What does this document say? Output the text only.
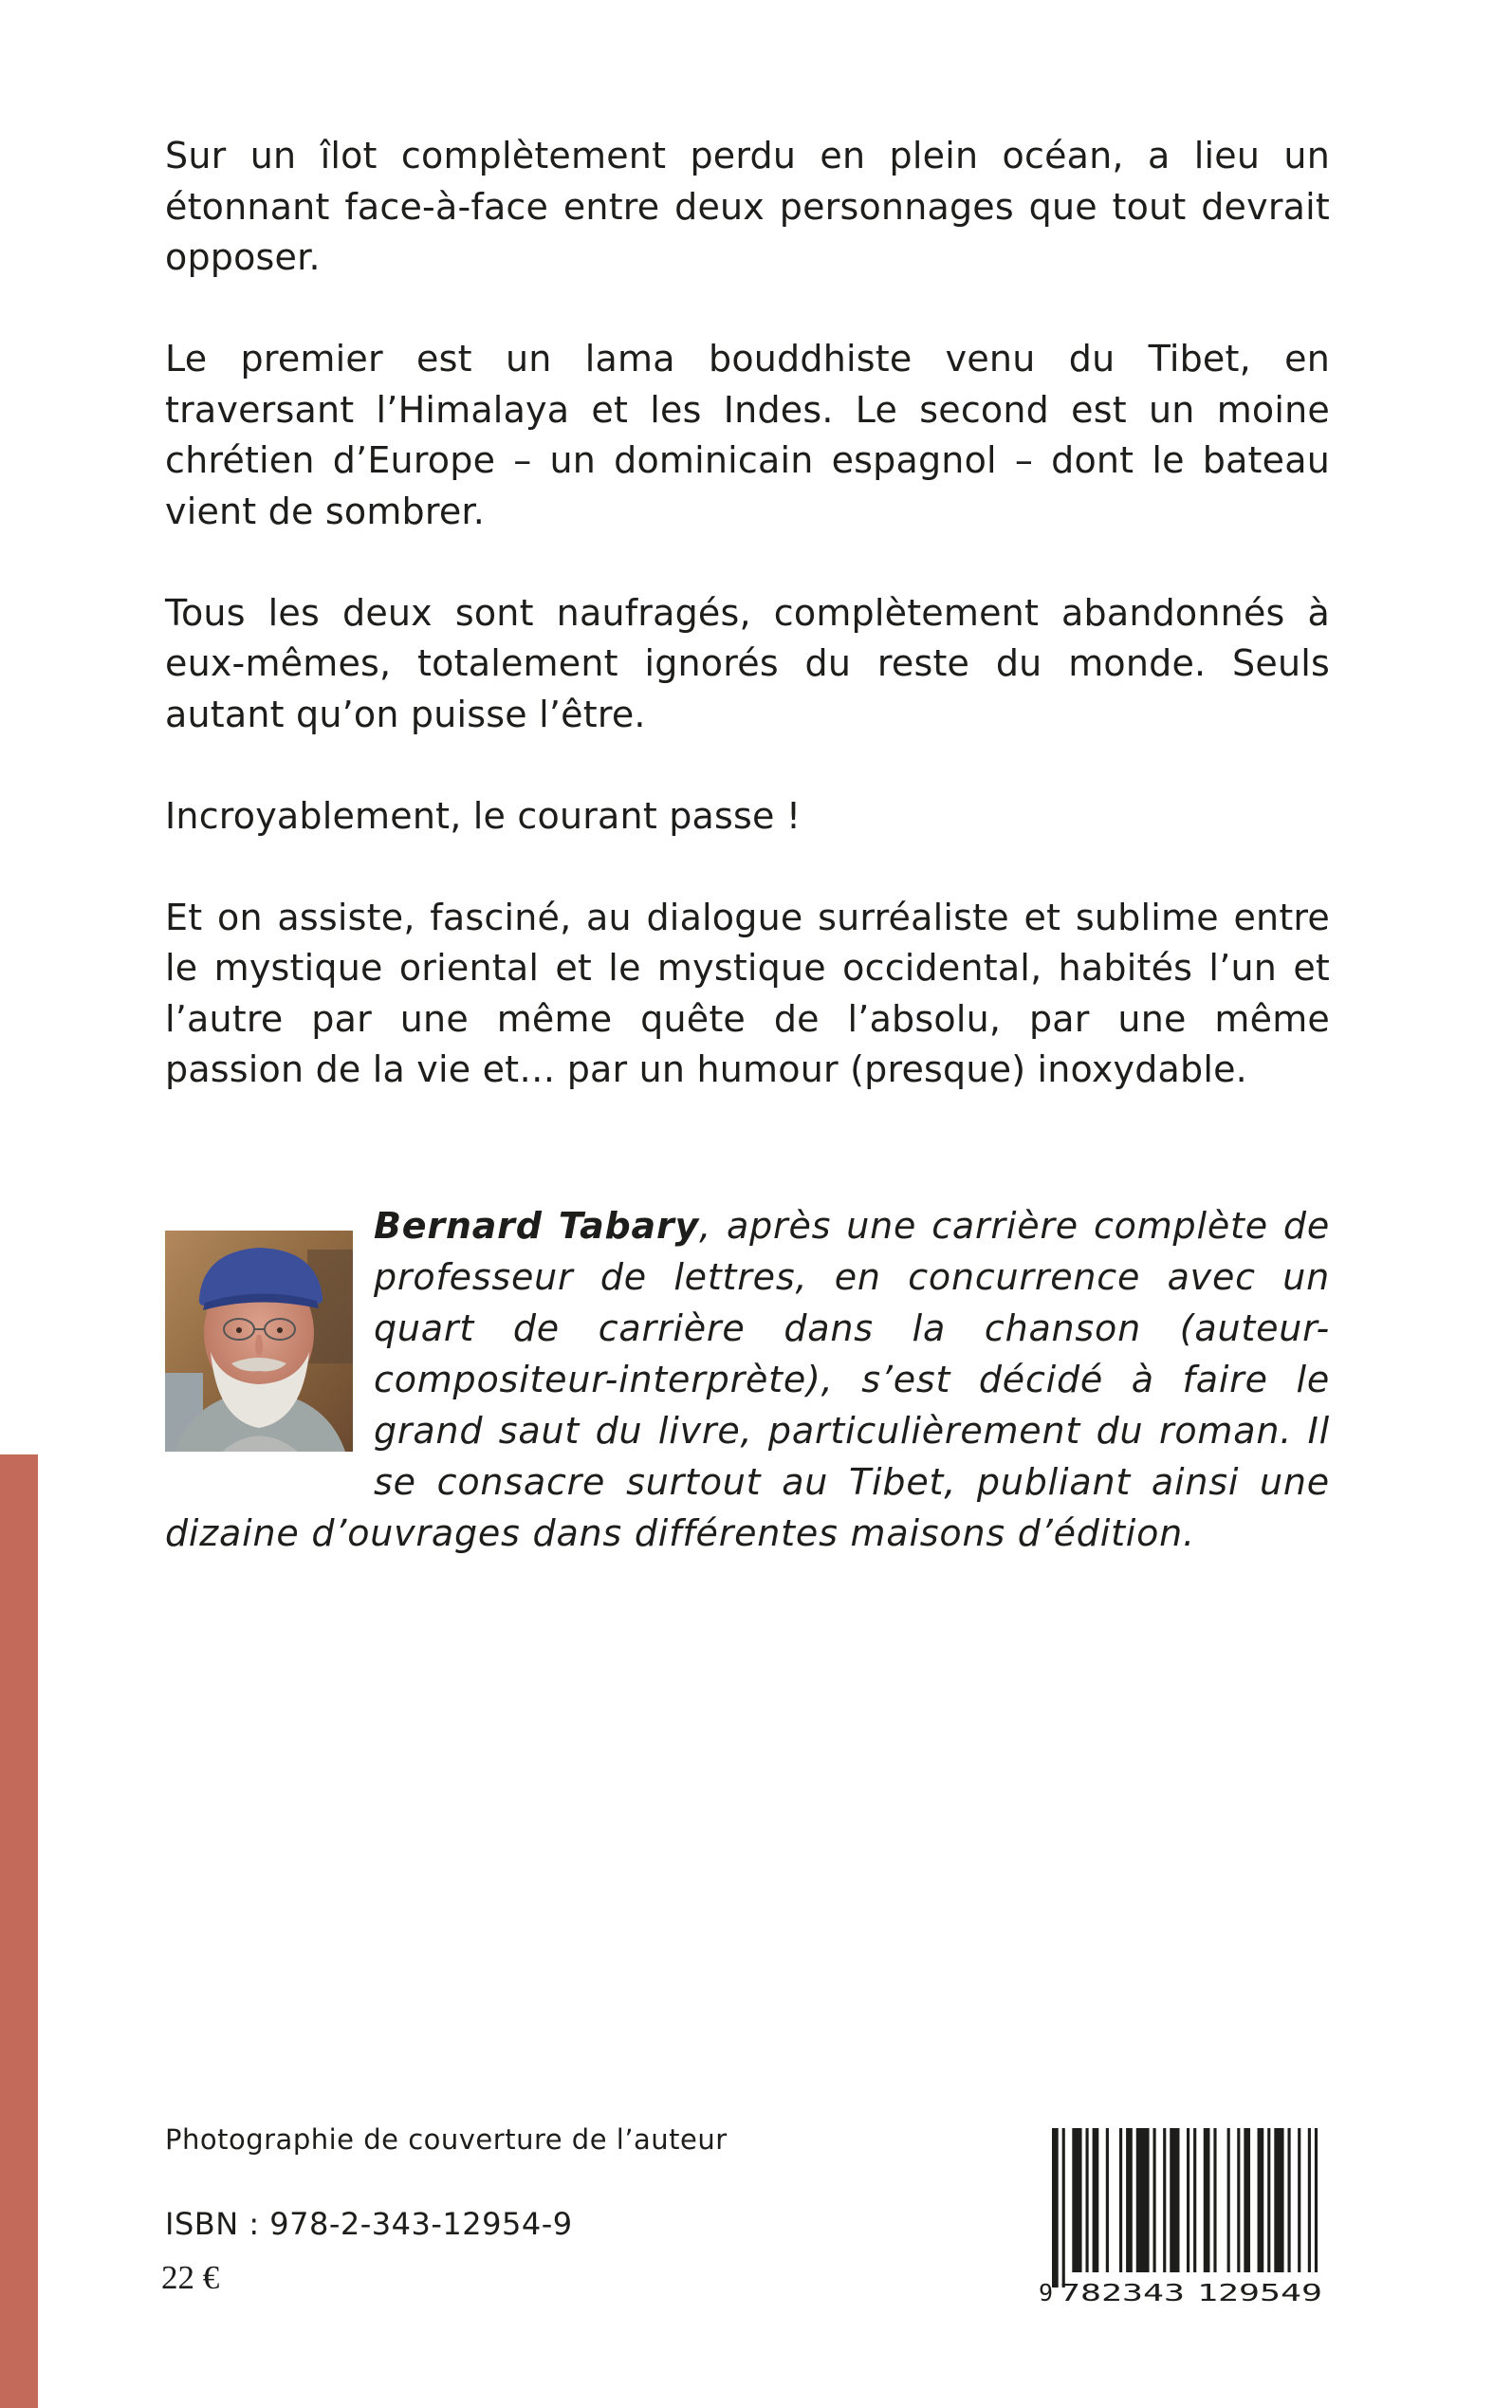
Sur un îlot complètement perdu en plein océan, a lieu un étonnant face-à-face entre deux personnages que tout devrait opposer.

Le premier est un lama bouddhiste venu du Tibet, en traversant l’Himalaya et les Indes. Le second est un moine chrétien d’Europe – un dominicain espagnol – dont le bateau vient de sombrer.

Tous les deux sont naufragés, complètement abandonnés à eux-mêmes, totalement ignorés du reste du monde. Seuls autant qu’on puisse l’être.

Incroyablement, le courant passe !

Et on assiste, fasciné, au dialogue surréaliste et sublime entre le mystique oriental et le mystique occidental, habités l’un et l’autre par une même quête de l’absolu, par une même passion de la vie et… par un humour (presque) inoxydable.

Bernard Tabary, après une carrière complète de professeur de lettres, en concurrence avec un quart de carrière dans la chanson (auteur-compositeur-interprète), s’est décidé à faire le grand saut du livre, particulièrement du roman. Il se consacre surtout au Tibet, publiant ainsi une dizaine d’ouvrages dans différentes maisons d’édition.
Photographie de couverture de l’auteur
ISBN : 978-2-343-12954-9
22 €	9 782343 129549
